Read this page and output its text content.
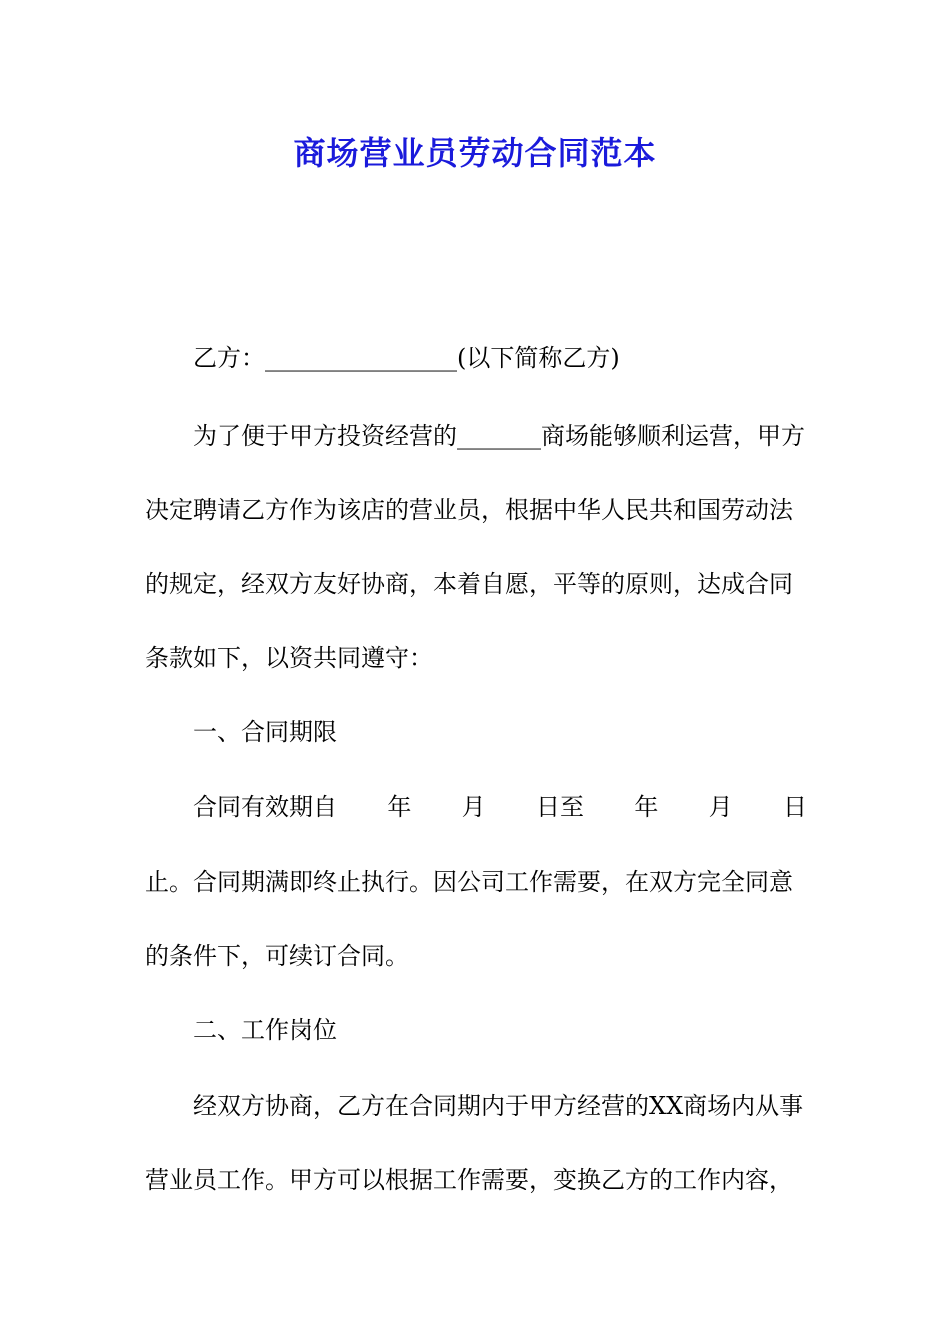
商场营业员劳动合同范本
乙方：________________(以下简称乙方)
为了便于甲方投资经营的_______商场能够顺利运营，甲方
决定聘请乙方作为该店的营业员，根据中华人民共和国劳动法
的规定，经双方友好协商，本着自愿，平等的原则，达成合同
条款如下，以资共同遵守：
一、合同期限
合同有效期自 年 月 日至 年 月 日
止。合同期满即终止执行。因公司工作需要，在双方完全同意
的条件下，可续订合同。
二、工作岗位
经双方协商，乙方在合同期内于甲方经营的XX商场内从事
营业员工作。甲方可以根据工作需要，变换乙方的工作内容，
